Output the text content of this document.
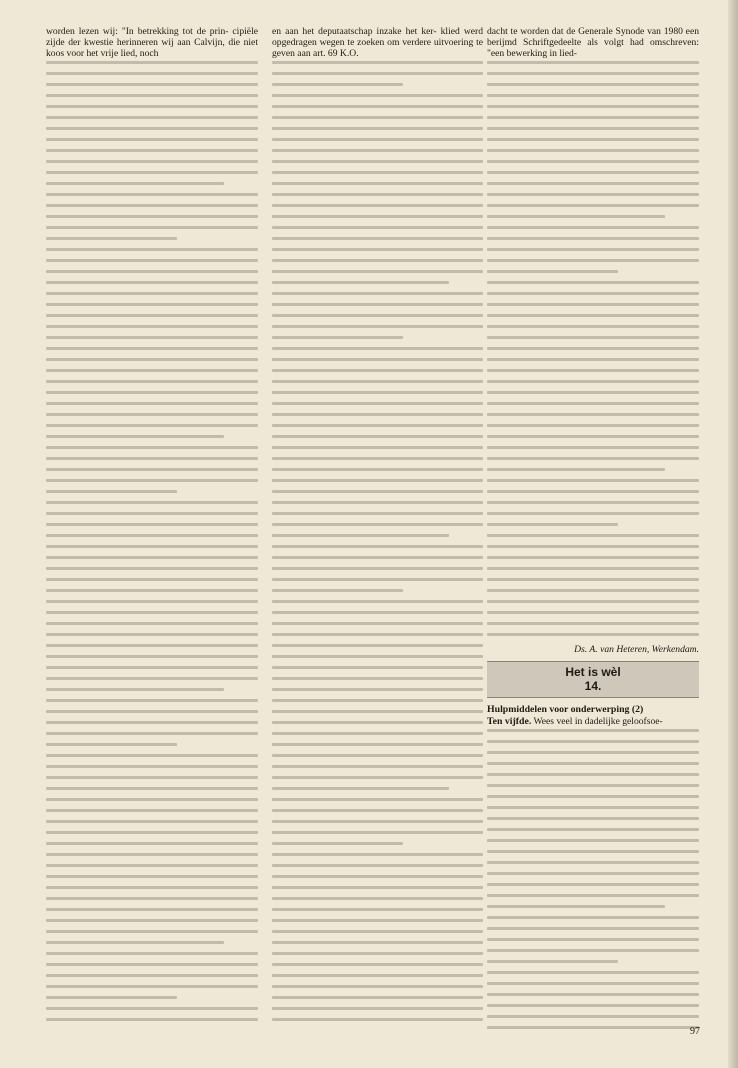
worden lezen wij: "In betrekking tot de prin- cipiële zijde der kwestie herinneren wij aan Calvijn, die niet koos voor het vrije lied, noch

en aan het deputaatschap inzake het ker- klied werd opgedragen wegen te zoeken om verdere uitvoering te geven aan art. 69 K.O.

dacht te worden dat de Generale Synode van 1980 een berijmd Schriftgedeelte als volgt had omschreven: "een bewerking in lied-

Ds. A. van Heteren, Werkendam.
Het is wèl
14.
Hulpmiddelen voor onderwerping (2)
Ten vijfde. Wees veel in dadelijke geloofsoe-
97
